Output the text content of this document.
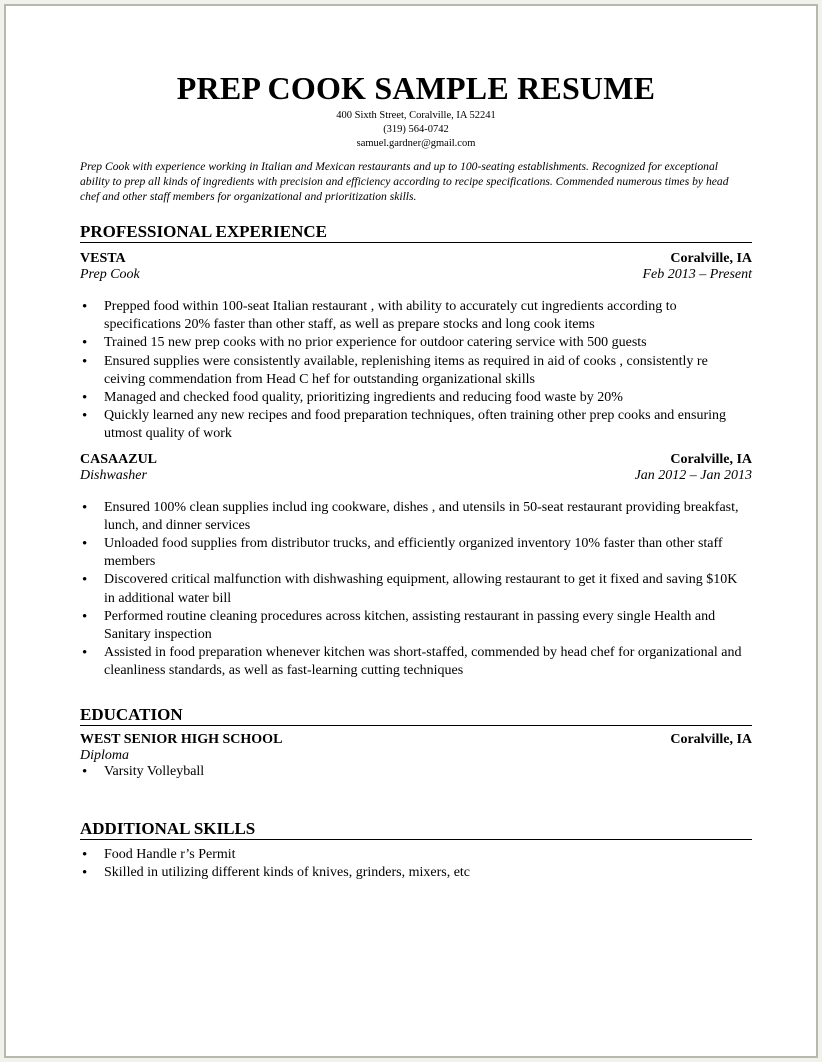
PREP COOK SAMPLE RESUME
400 Sixth Street, Coralville, IA 52241
(319) 564-0742
samuel.gardner@gmail.com
Prep Cook with experience working in Italian and Mexican restaurants and up to 100-seating establishments. Recognized for exceptional ability to prep all kinds of ingredients with precision and efficiency according to recipe specifications. Commended numerous times by head chef and other staff members for organizational and prioritization skills.
PROFESSIONAL EXPERIENCE
VESTA	Coralville, IA
Prep Cook	Feb 2013 – Present
• Prepped food within 100-seat Italian restaurant , with ability to accurately cut ingredients according to specifications 20% faster than other staff, as well as prepare stocks and long cook items
• Trained 15 new prep cooks with no prior experience for outdoor catering service with 500 guests
• Ensured supplies were consistently available, replenishing items as required in aid of cooks , consistently re ceiving commendation from Head C hef for outstanding organizational skills
• Managed and checked food quality, prioritizing ingredients and reducing food waste by 20%
• Quickly learned any new recipes and food preparation techniques, often training other prep cooks and ensuring utmost quality of work
CASAAZUL	Coralville, IA
Dishwasher	Jan 2012 – Jan 2013
• Ensured 100% clean supplies includ ing cookware, dishes , and utensils in 50-seat restaurant providing breakfast, lunch, and dinner services
• Unloaded food supplies from distributor trucks, and efficiently organized inventory 10% faster than other staff members
• Discovered critical malfunction with dishwashing equipment, allowing restaurant to get it fixed and saving $10K in additional water bill
• Performed routine cleaning procedures across kitchen, assisting restaurant in passing every single Health and Sanitary inspection
• Assisted in food preparation whenever kitchen was short-staffed, commended by head chef for organizational and cleanliness standards, as well as fast-learning cutting techniques
EDUCATION
WEST SENIOR HIGH SCHOOL	Coralville, IA
Diploma
• Varsity Volleyball
ADDITIONAL SKILLS
• Food Handle r’s Permit
• Skilled in utilizing different kinds of knives, grinders, mixers, etc
